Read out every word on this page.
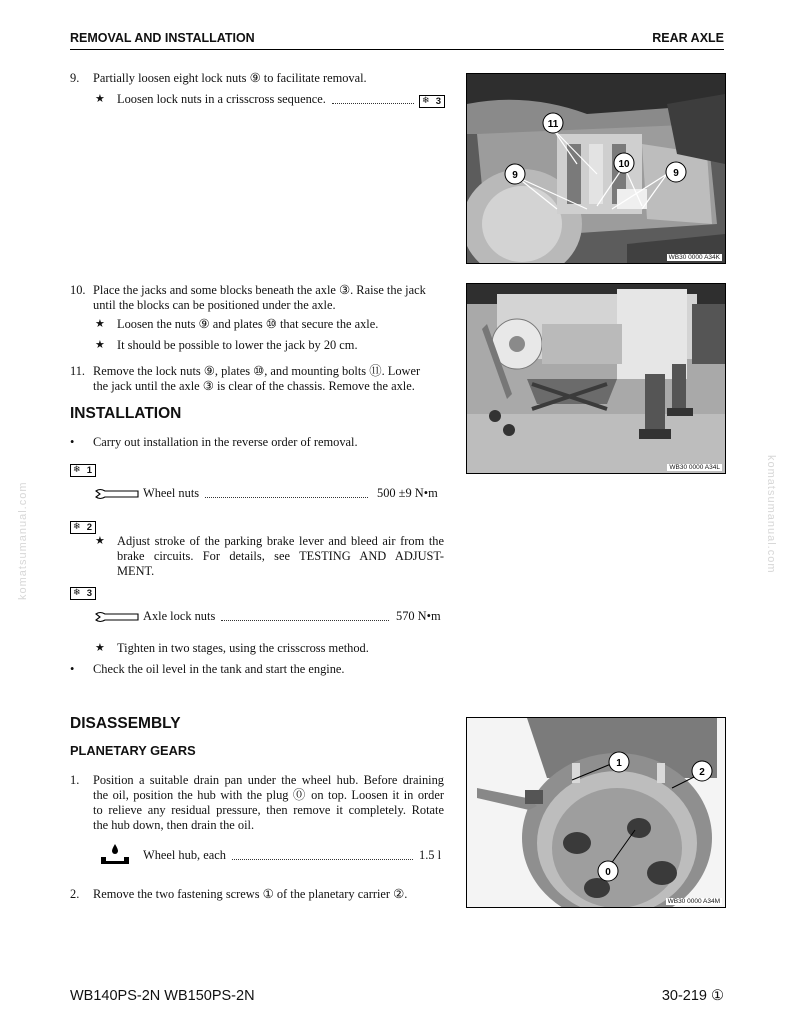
REMOVAL AND INSTALLATION	REAR AXLE
komatsumanual.com	komatsumanual.com
9. Partially loosen eight lock nuts ⑨ to facilitate removal.
★ Loosen lock nuts in a crisscross sequence.	❄ 3
10. Place the jacks and some blocks beneath the axle ③. Raise the jack
until the blocks can be positioned under the axle.
★ Loosen the nuts ⑨ and plates ⑩ that secure the axle.
★ It should be possible to lower the jack by 20 cm.
11. Remove the lock nuts ⑨, plates ⑩, and mounting bolts ⑪. Lower
the jack until the axle ③ is clear of the chassis. Remove the axle.
INSTALLATION
• Carry out installation in the reverse order of removal.
❄ 1
Wheel nuts	500 ±9 N•m
❄ 2
★ Adjust stroke of the parking brake lever and bleed air from the
brake circuits. For details, see TESTING AND ADJUST-
MENT.
❄ 3
Axle lock nuts	570 N•m
★ Tighten in two stages, using the crisscross method.
• Check the oil level in the tank and start the engine.
DISASSEMBLY
PLANETARY GEARS
1. Position a suitable drain pan under the wheel hub. Before draining
the oil, position the hub with the plug ⓪ on top. Loosen it in order
to relieve any residual pressure, then remove it completely. Rotate
the hub down, then drain the oil.
Wheel hub, each	1.5 l
2. Remove the two fastening screws ① of the planetary carrier ②.
11
10
9	9
WB30 0000 A34K
WB30 0000 A34L
1
2
0
WB30 0000 A34M
WB140PS-2N WB150PS-2N	30-219 ①
